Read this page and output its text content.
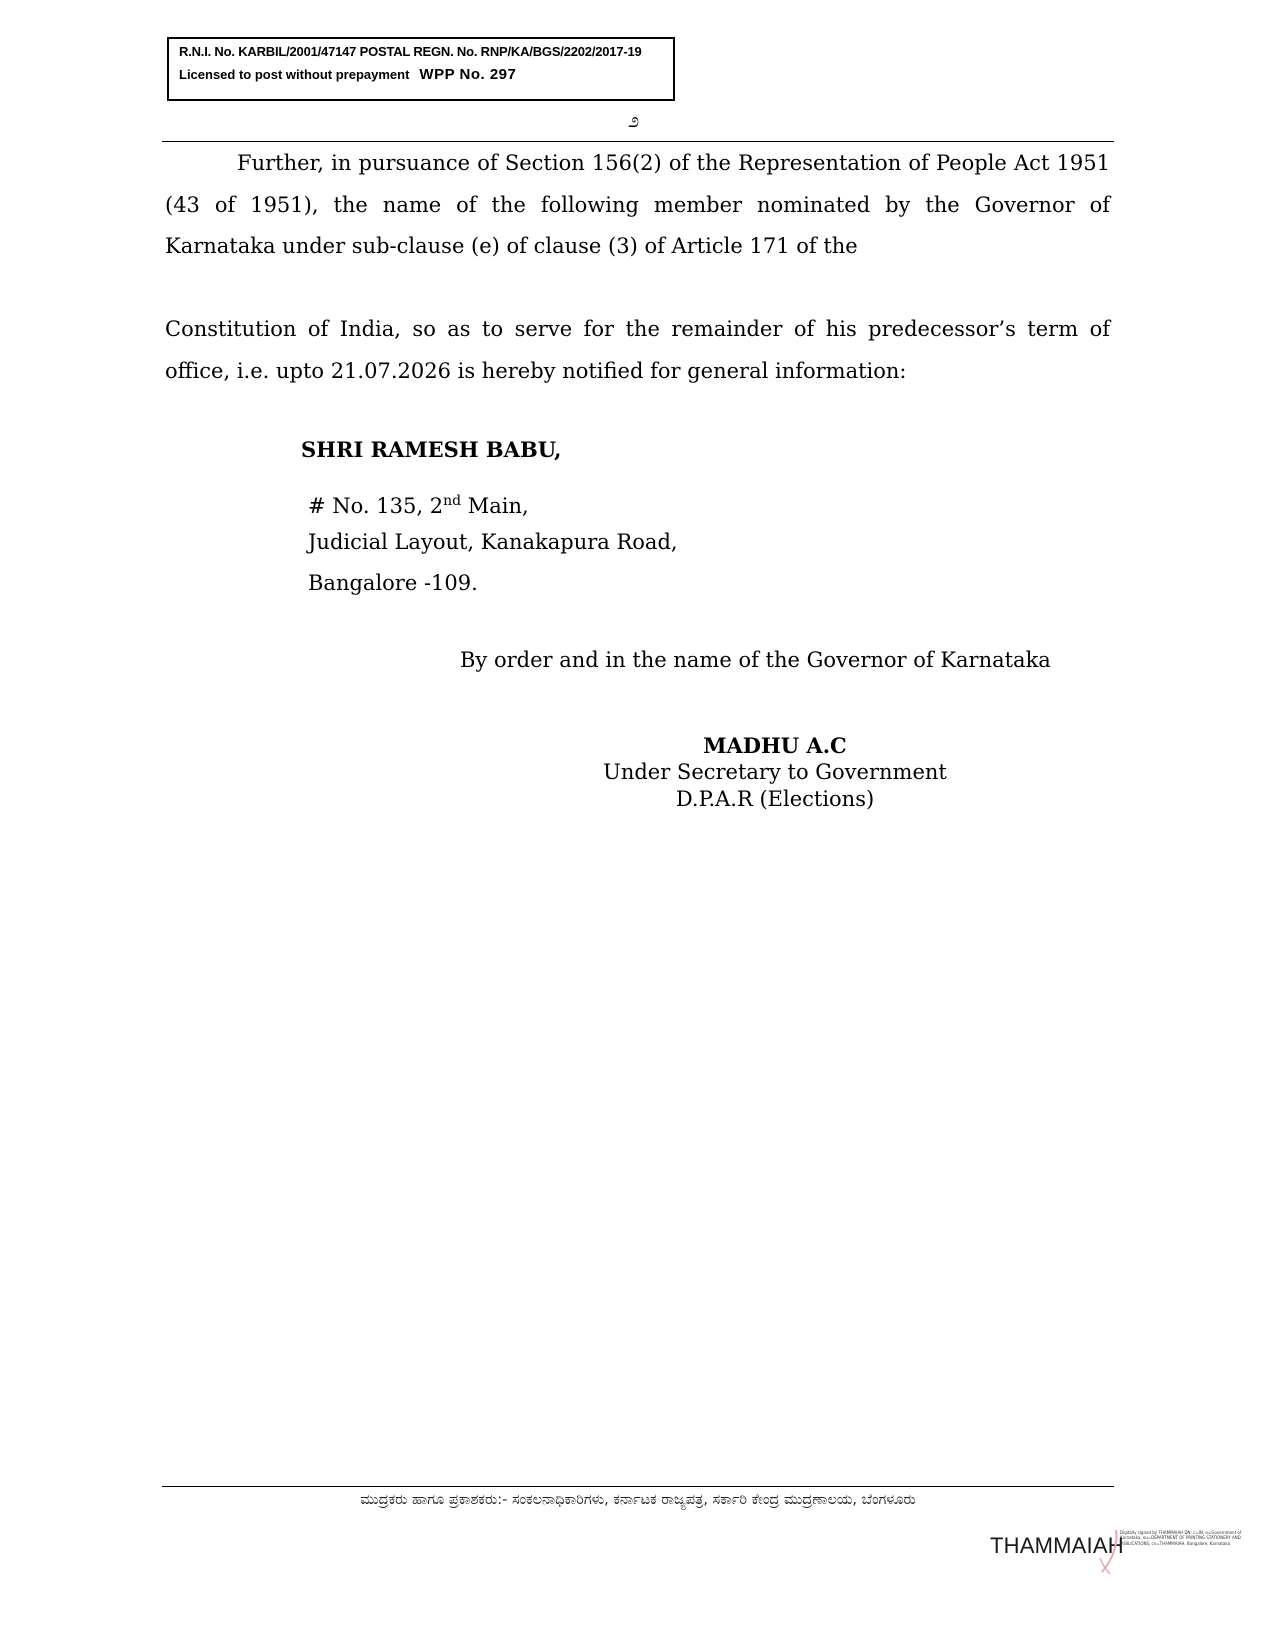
R.N.I. No. KARBIL/2001/47147 POSTAL REGN. No. RNP/KA/BGS/2202/2017-19
Licensed to post without prepayment WPP No. 297
೨
Further, in pursuance of Section 156(2) of the Representation of People Act 1951 (43 of 1951), the name of the following member nominated by the Governor of Karnataka under sub-clause (e) of clause (3) of Article 171 of the
Constitution of India, so as to serve for the remainder of his predecessor’s term of office, i.e. upto 21.07.2026 is hereby notified for general information:
SHRI RAMESH BABU,
# No. 135, 2nd Main,
Judicial Layout, Kanakapura Road,
Bangalore -109.
By order and in the name of the Governor of Karnataka
MADHU A.C
Under Secretary to Government
D.P.A.R (Elections)
ಮುದ್ರಕರು ಹಾಗೂ ಪ್ರಕಾಶಕರು:- ಸಂಕಲನಾಧಿಕಾರಿಗಳು, ಕರ್ನಾಟಕ ರಾಜ್ಯಪತ್ರ, ಸರ್ಕಾರಿ ಕೇಂದ್ರ ಮುದ್ರಣಾಲಯ, ಬೆಂಗಳೂರು
THAMMAIAH
Digitally signed by THAMMAIAH DN: c=IN, o=Government of Karnataka, ou=DEPARTMENT OF PRINTING STATIONERY AND PUBLICATIONS, cn=THAMMAIAH, Bangalore, Karnataka
